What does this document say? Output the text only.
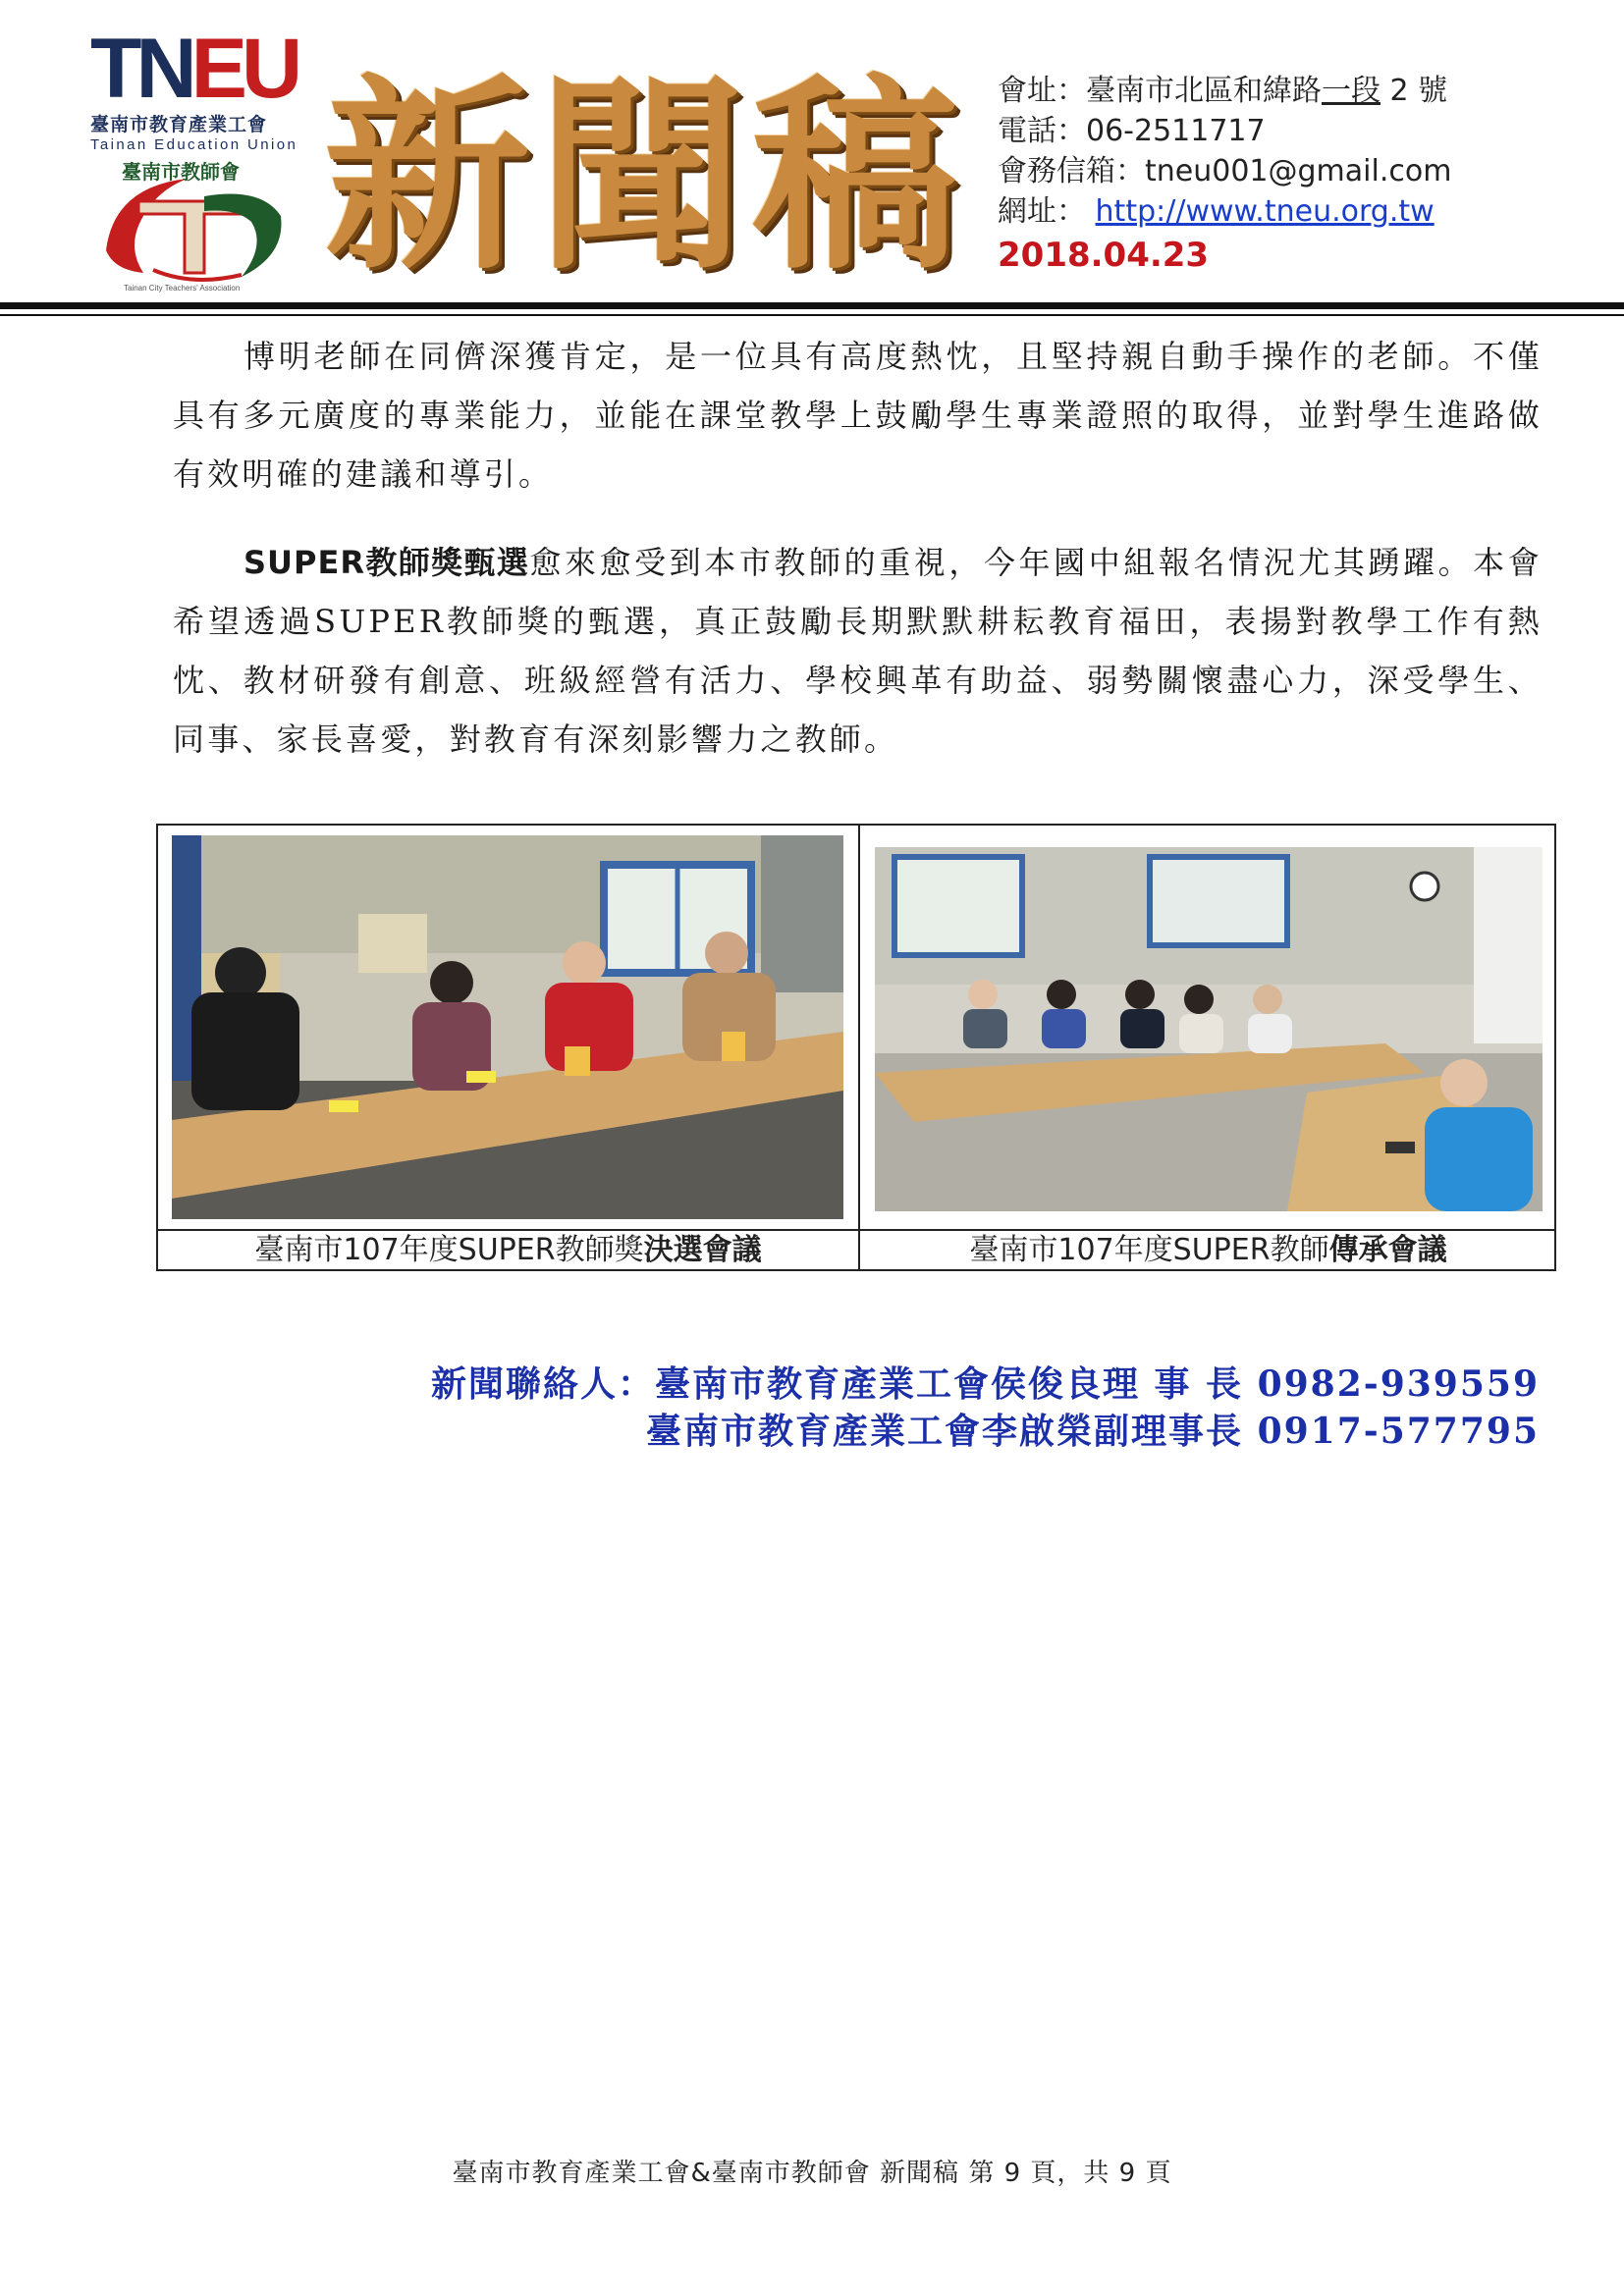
TNEU
臺南市教育產業工會
Tainan Education Union
臺南市教師會
Tainan City Teachers' Association 新聞稿	會址：臺南市北區和緯路一段 2 號
電話：06-2511717
會務信箱：tneu001@gmail.com
網址： http://www.tneu.org.tw
2018.04.23
博明老師在同儕深獲肯定，是一位具有高度熱忱，且堅持親自動手操作的老師。不僅具有多元廣度的專業能力，並能在課堂教學上鼓勵學生專業證照的取得，並對學生進路做有效明確的建議和導引。
SUPER教師獎甄選愈來愈受到本市教師的重視，今年國中組報名情況尤其踴躍。本會希望透過SUPER教師獎的甄選，真正鼓勵長期默默耕耘教育福田，表揚對教學工作有熱忱、教材研發有創意、班級經營有活力、學校興革有助益、弱勢關懷盡心力，深受學生、同事、家長喜愛，對教育有深刻影響力之教師。
臺南市107年度SUPER教師獎決選會議	臺南市107年度SUPER教師傳承會議
新聞聯絡人：臺南市教育產業工會侯俊良理 事 長 0982-939559
臺南市教育產業工會李啟榮副理事長 0917-577795
臺南市教育產業工會&臺南市教師會 新聞稿 第 9 頁，共 9 頁
